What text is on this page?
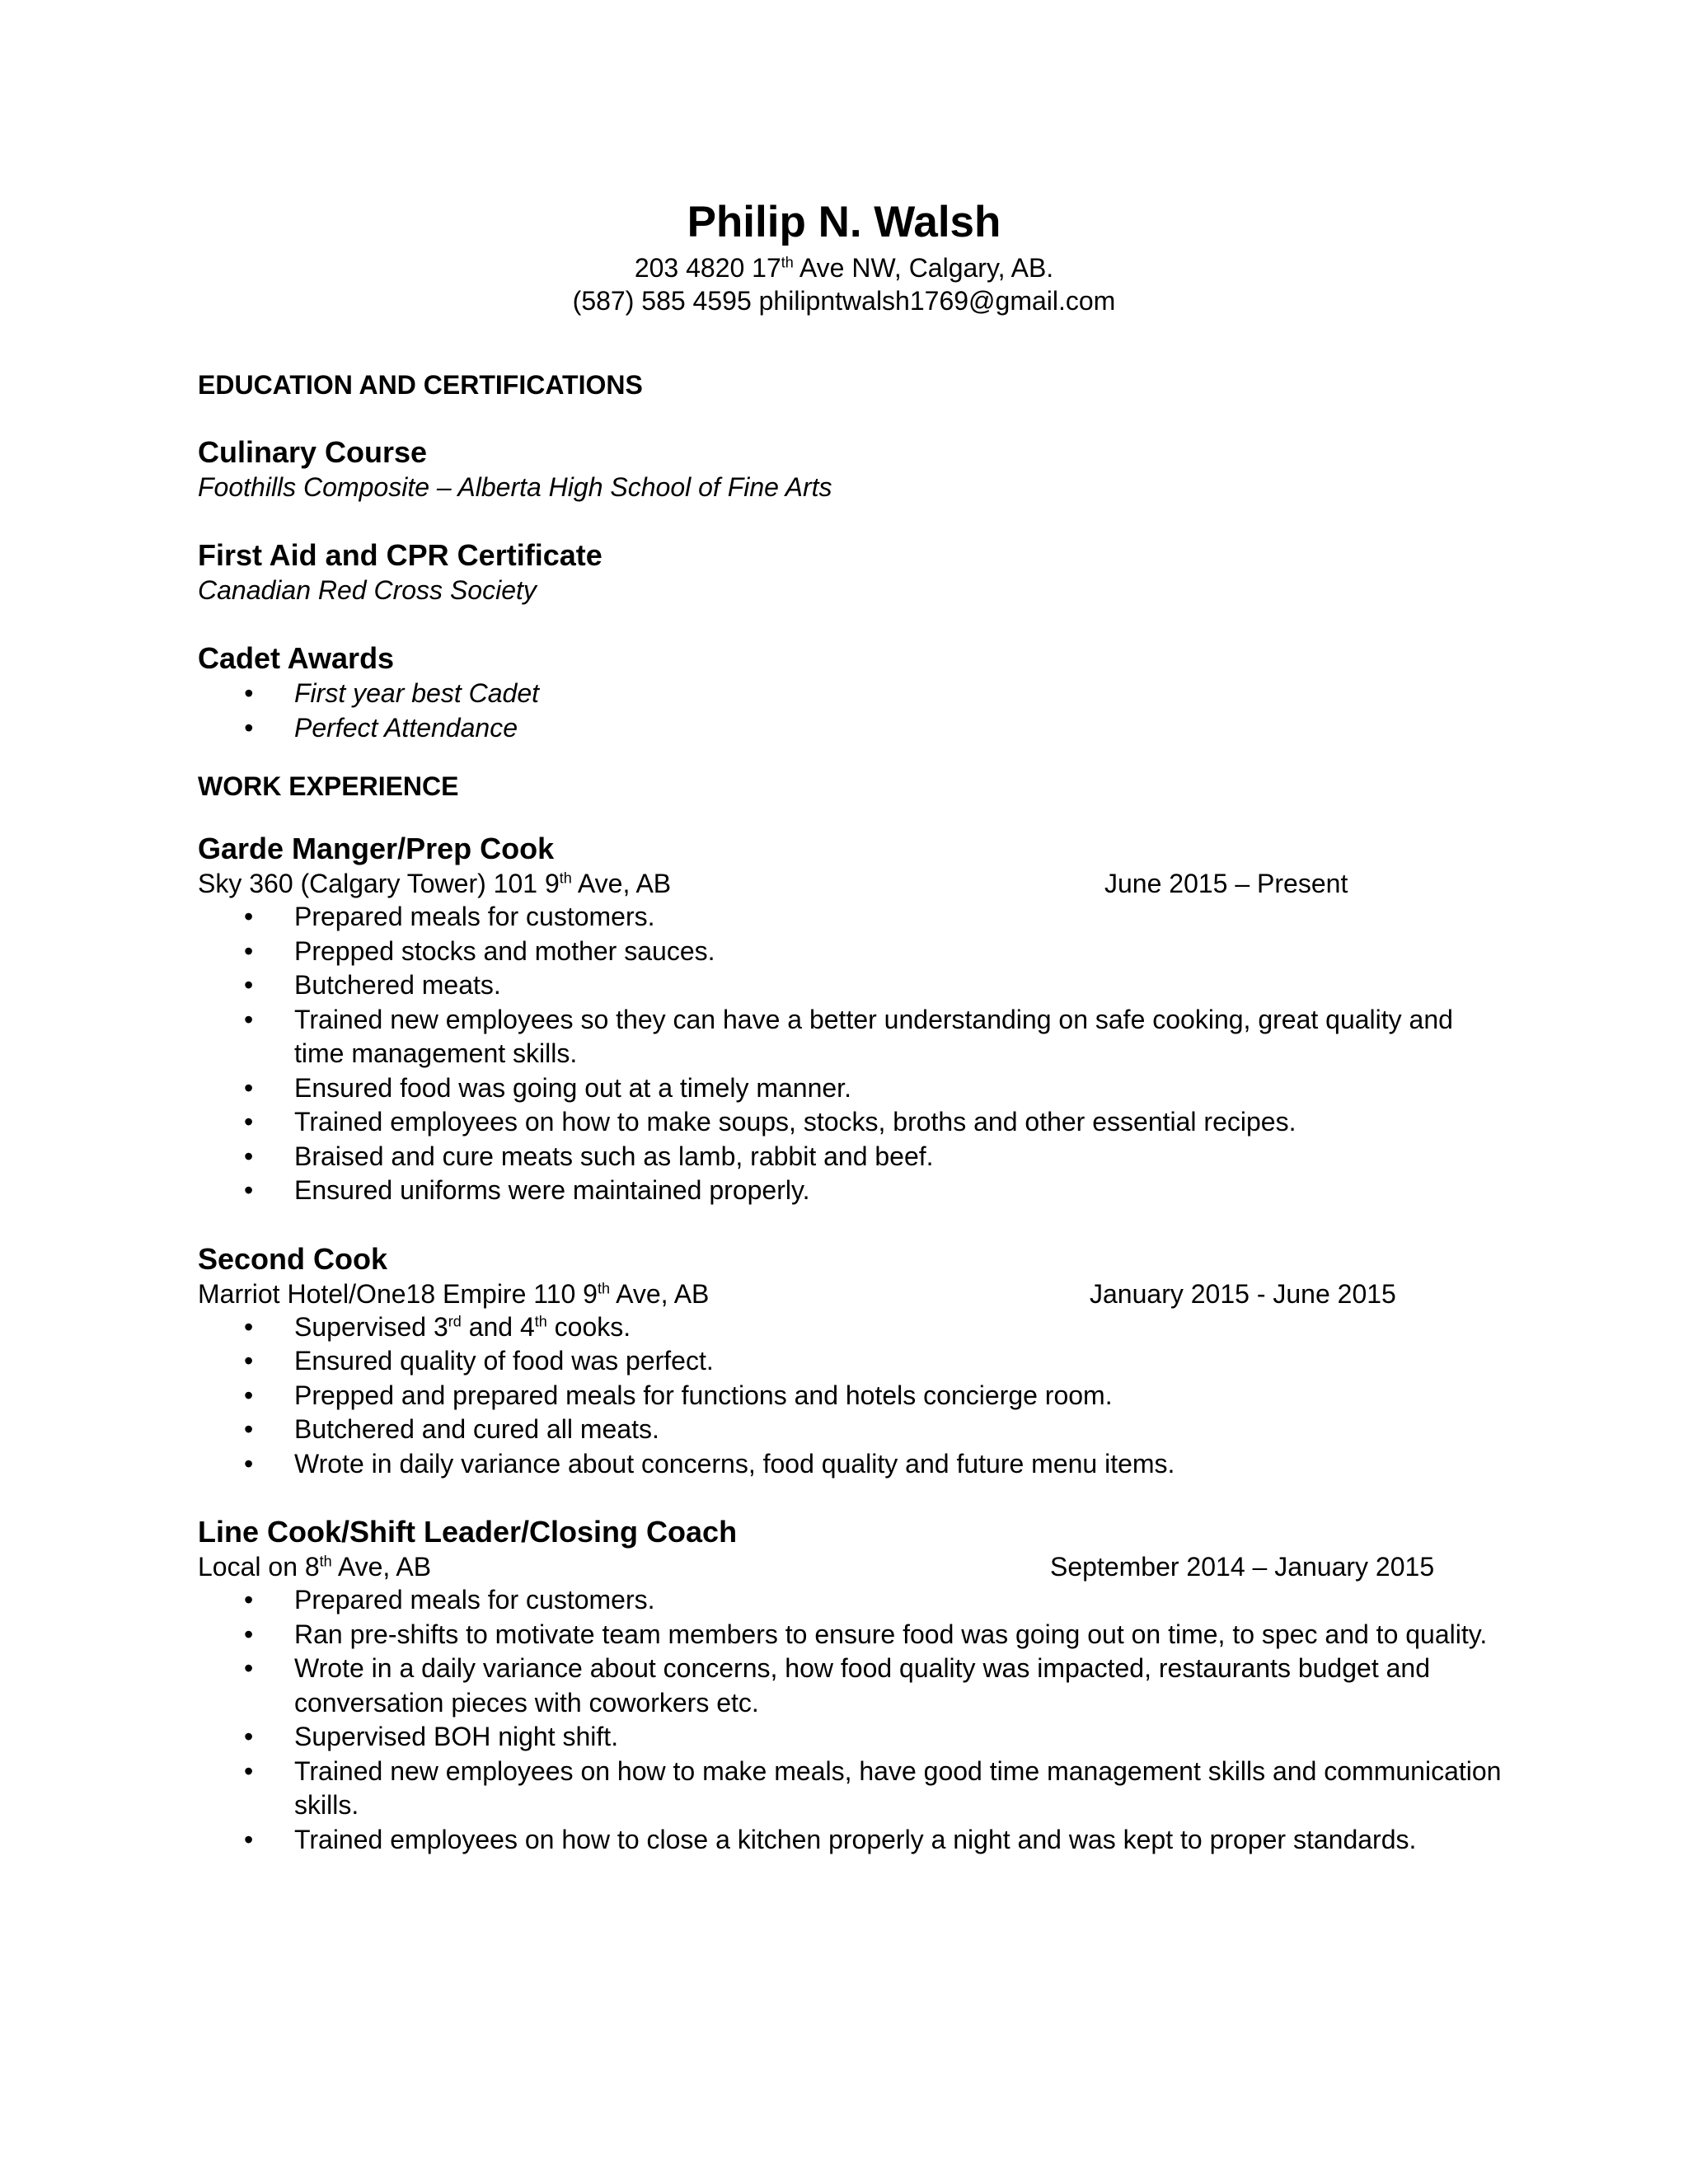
Philip N. Walsh

203 4820 17th Ave NW, Calgary, AB.

(587) 585 4595 philipntwalsh1769@gmail.com

EDUCATION AND CERTIFICATIONS

Culinary Course

Foothills Composite – Alberta High School of Fine Arts

First Aid and CPR Certificate

Canadian Red Cross Society

Cadet Awards

• First year best Cadet
• Perfect Attendance

WORK EXPERIENCE

Garde Manger/Prep Cook

Sky 360 (Calgary Tower) 101 9th Ave, AB	June 2015 – Present
• Prepared meals for customers.
• Prepped stocks and mother sauces.
• Butchered meats.
• Trained new employees so they can have a better understanding on safe cooking, great quality and time management skills.
• Ensured food was going out at a timely manner.
• Trained employees on how to make soups, stocks, broths and other essential recipes.
• Braised and cure meats such as lamb, rabbit and beef.
• Ensured uniforms were maintained properly.

Second Cook

Marriot Hotel/One18 Empire 110 9th Ave, AB	January 2015 - June 2015
• Supervised 3rd and 4th cooks.
• Ensured quality of food was perfect.
• Prepped and prepared meals for functions and hotels concierge room.
• Butchered and cured all meats.
• Wrote in daily variance about concerns, food quality and future menu items.

Line Cook/Shift Leader/Closing Coach

Local on 8th Ave, AB	September 2014 – January 2015
• Prepared meals for customers.
• Ran pre-shifts to motivate team members to ensure food was going out on time, to spec and to quality.
• Wrote in a daily variance about concerns, how food quality was impacted, restaurants budget and conversation pieces with coworkers etc.
• Supervised BOH night shift.
• Trained new employees on how to make meals, have good time management skills and communication skills.
• Trained employees on how to close a kitchen properly a night and was kept to proper standards.
